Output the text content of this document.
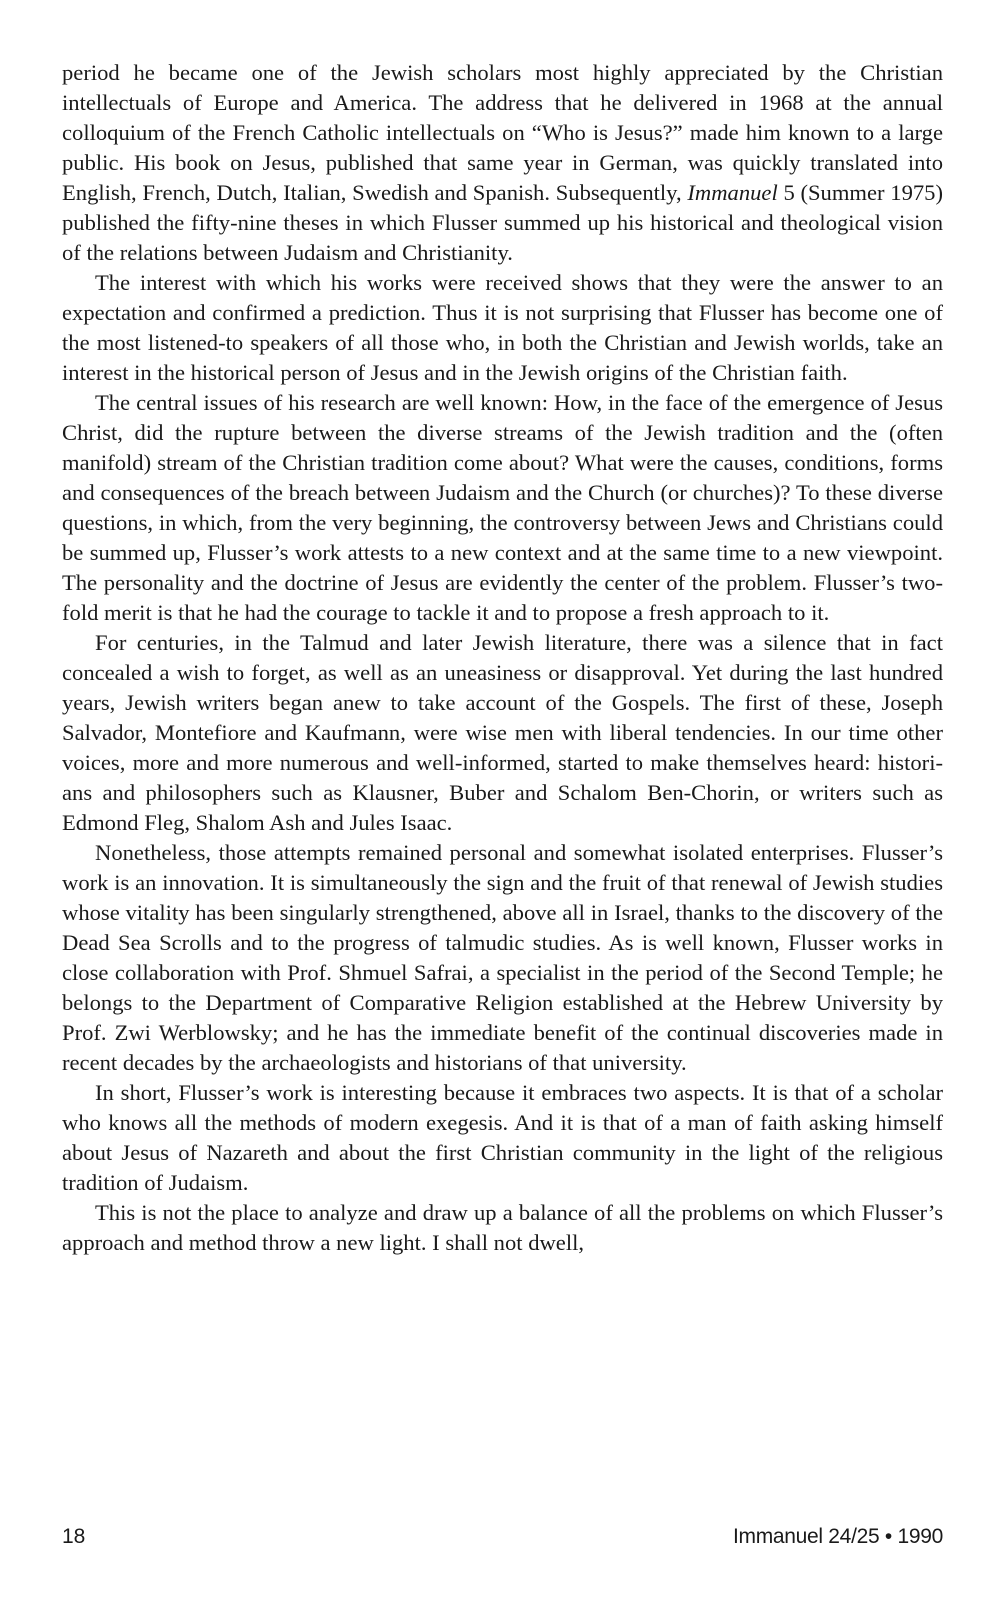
period he became one of the Jewish scholars most highly appreciated by the Christian intellectuals of Europe and America. The address that he delivered in 1968 at the annual colloquium of the French Catholic intellectuals on “Who is Jesus?” made him known to a large public. His book on Jesus, published that same year in German, was quickly translated into English, French, Dutch, Italian, Swedish and Spanish. Subsequently, Immanuel 5 (Summer 1975) published the fifty-nine theses in which Flusser summed up his historical and theological vision of the relations between Judaism and Christianity.

The interest with which his works were received shows that they were the answer to an expectation and confirmed a prediction. Thus it is not surprising that Flusser has become one of the most listened-to speakers of all those who, in both the Christian and Jewish worlds, take an interest in the historical person of Jesus and in the Jewish origins of the Christian faith.

The central issues of his research are well known: How, in the face of the emergence of Jesus Christ, did the rupture between the diverse streams of the Jewish tradition and the (often manifold) stream of the Christian tradition come about? What were the causes, conditions, forms and consequences of the breach between Judaism and the Church (or churches)? To these diverse questions, in which, from the very beginning, the controversy between Jews and Christians could be summed up, Flusser’s work attests to a new context and at the same time to a new viewpoint. The personality and the doctrine of Jesus are evidently the center of the problem. Flusser’s two-fold merit is that he had the courage to tackle it and to propose a fresh approach to it.

For centuries, in the Talmud and later Jewish literature, there was a silence that in fact concealed a wish to forget, as well as an uneasiness or disapproval. Yet during the last hundred years, Jewish writers began anew to take account of the Gospels. The first of these, Joseph Salvador, Montefiore and Kaufmann, were wise men with liberal tendencies. In our time other voices, more and more numerous and well-informed, started to make themselves heard: historians and philosophers such as Klausner, Buber and Schalom Ben-Chorin, or writers such as Edmond Fleg, Shalom Ash and Jules Isaac.

Nonetheless, those attempts remained personal and somewhat isolated enterprises. Flusser’s work is an innovation. It is simultaneously the sign and the fruit of that renewal of Jewish studies whose vitality has been singularly strengthened, above all in Israel, thanks to the discovery of the Dead Sea Scrolls and to the progress of talmudic studies. As is well known, Flusser works in close collaboration with Prof. Shmuel Safrai, a specialist in the period of the Second Temple; he belongs to the Department of Comparative Religion established at the Hebrew University by Prof. Zwi Werblowsky; and he has the immediate benefit of the continual discoveries made in recent decades by the archaeologists and historians of that university.

In short, Flusser’s work is interesting because it embraces two aspects. It is that of a scholar who knows all the methods of modern exegesis. And it is that of a man of faith asking himself about Jesus of Nazareth and about the first Christian community in the light of the religious tradition of Judaism.

This is not the place to analyze and draw up a balance of all the problems on which Flusser’s approach and method throw a new light. I shall not dwell,

18	Immanuel 24/25 • 1990
